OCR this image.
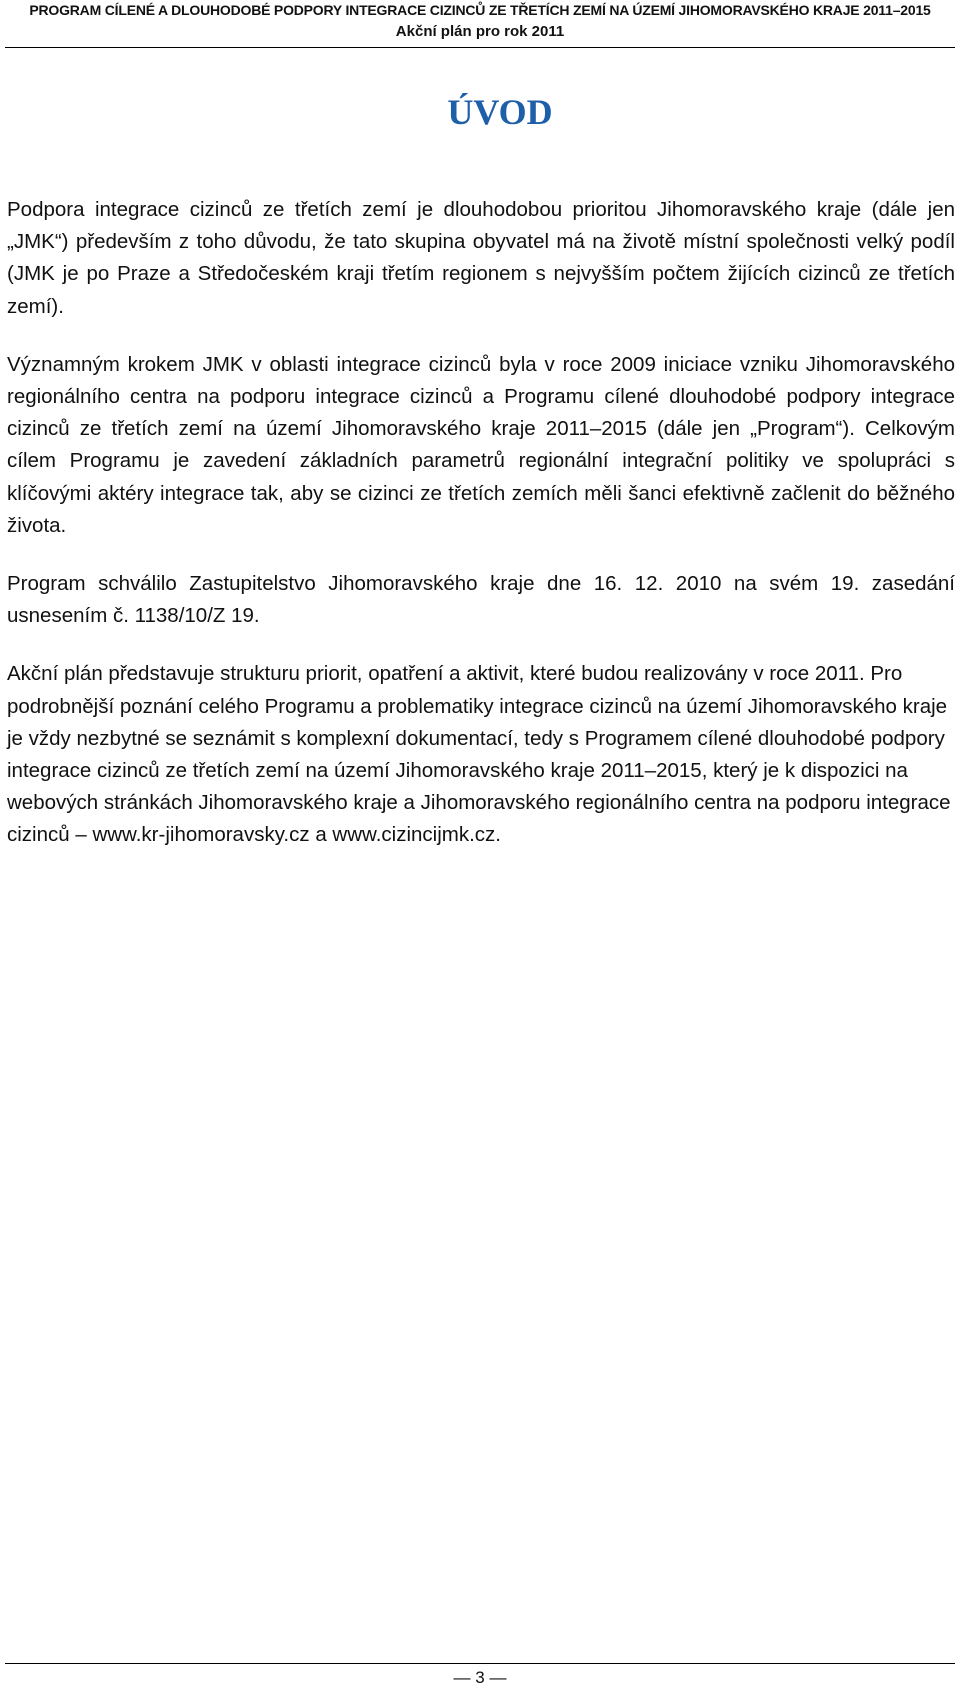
PROGRAM CÍLENÉ A DLOUHODOBÉ PODPORY INTEGRACE CIZINCŮ ZE TŘETÍCH ZEMÍ NA ÚZEMÍ JIHOMORAVSKÉHO KRAJE 2011–2015
Akční plán pro rok 2011
ÚVOD

Podpora integrace cizinců ze třetích zemí je dlouhodobou prioritou Jihomoravského kraje (dále jen „JMK“) především z toho důvodu, že tato skupina obyvatel má na životě místní společnosti velký podíl (JMK je po Praze a Středočeském kraji třetím regionem s nejvyšším počtem žijících cizinců ze třetích zemí).

Významným krokem JMK v oblasti integrace cizinců byla v roce 2009 iniciace vzniku Jihomoravského regionálního centra na podporu integrace cizinců a Programu cílené dlouhodobé podpory integrace cizinců ze třetích zemí na území Jihomoravského kraje 2011–2015 (dále jen „Program“). Celkovým cílem Programu je zavedení základních parametrů regionální integrační politiky ve spolupráci s klíčovými aktéry integrace tak, aby se cizinci ze třetích zemích měli šanci efektivně začlenit do běžného života.

Program schválilo Zastupitelstvo Jihomoravského kraje dne 16. 12. 2010 na svém 19. zasedání usnesením č. 1138/10/Z 19.

Akční plán představuje strukturu priorit, opatření a aktivit, které budou realizovány v roce 2011. Pro podrobnější poznání celého Programu a problematiky integrace cizinců na území Jihomoravského kraje je vždy nezbytné se seznámit s komplexní dokumentací, tedy s Programem cílené dlouhodobé podpory integrace cizinců ze třetích zemí na území Jihomoravského kraje 2011–2015, který je k dispozici na webových stránkách Jihomoravského kraje a Jihomoravského regionálního centra na podporu integrace cizinců – www.kr-jihomoravsky.cz a www.cizincijmk.cz.

— 3 —
